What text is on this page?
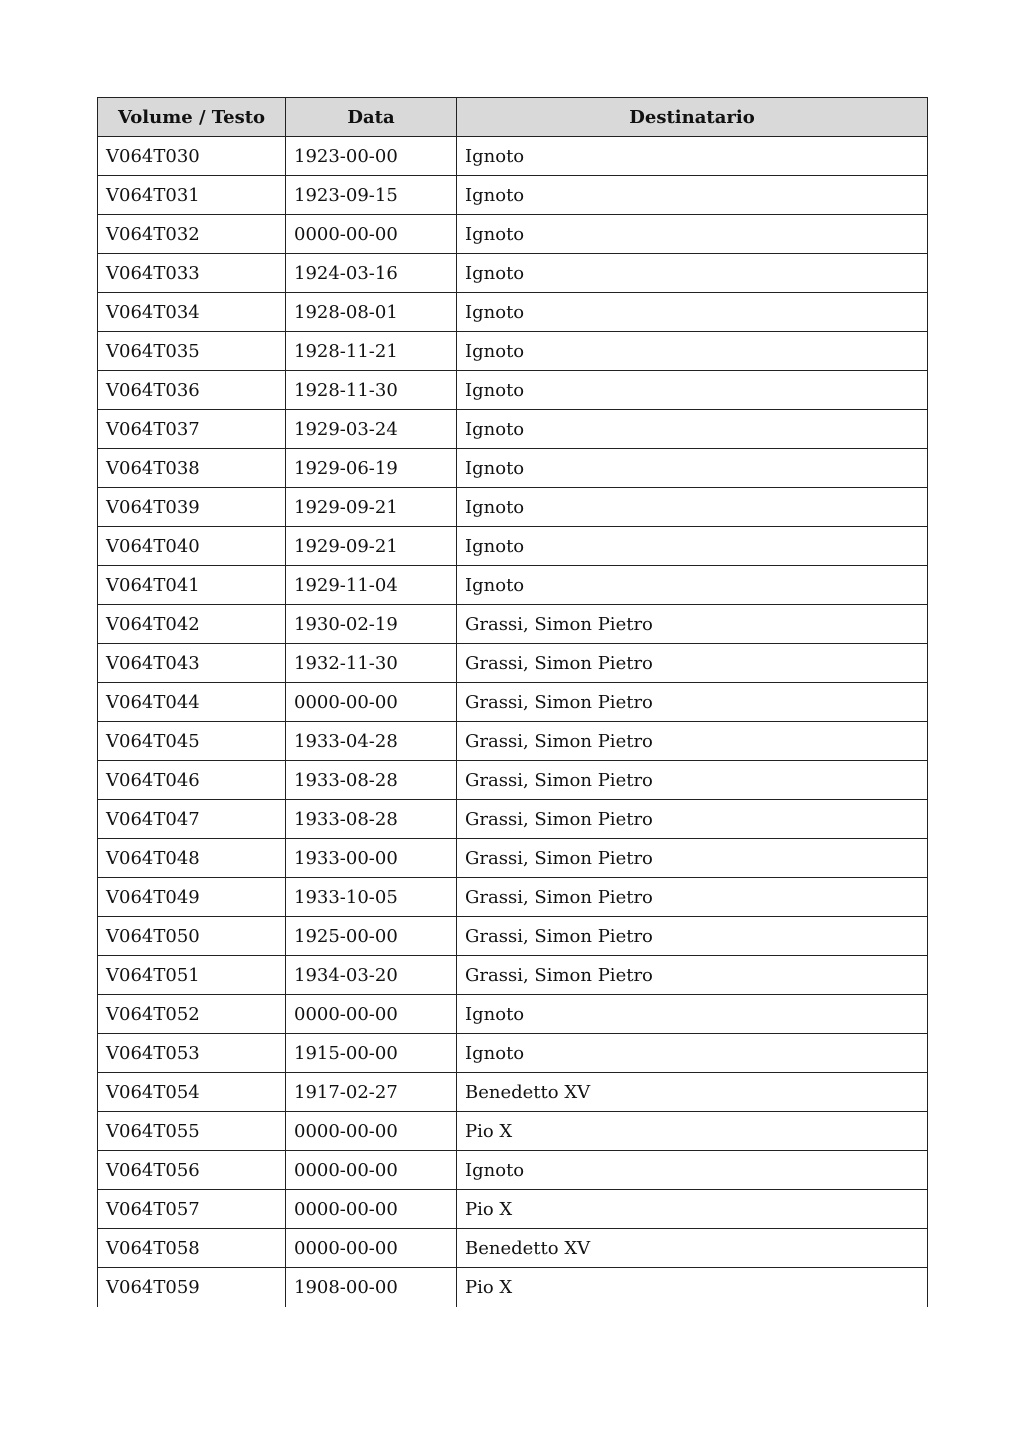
Volume / Testo	Data	Destinatario
V064T030	1923-00-00	Ignoto
V064T031	1923-09-15	Ignoto
V064T032	0000-00-00	Ignoto
V064T033	1924-03-16	Ignoto
V064T034	1928-08-01	Ignoto
V064T035	1928-11-21	Ignoto
V064T036	1928-11-30	Ignoto
V064T037	1929-03-24	Ignoto
V064T038	1929-06-19	Ignoto
V064T039	1929-09-21	Ignoto
V064T040	1929-09-21	Ignoto
V064T041	1929-11-04	Ignoto
V064T042	1930-02-19	Grassi, Simon Pietro
V064T043	1932-11-30	Grassi, Simon Pietro
V064T044	0000-00-00	Grassi, Simon Pietro
V064T045	1933-04-28	Grassi, Simon Pietro
V064T046	1933-08-28	Grassi, Simon Pietro
V064T047	1933-08-28	Grassi, Simon Pietro
V064T048	1933-00-00	Grassi, Simon Pietro
V064T049	1933-10-05	Grassi, Simon Pietro
V064T050	1925-00-00	Grassi, Simon Pietro
V064T051	1934-03-20	Grassi, Simon Pietro
V064T052	0000-00-00	Ignoto
V064T053	1915-00-00	Ignoto
V064T054	1917-02-27	Benedetto XV
V064T055	0000-00-00	Pio X
V064T056	0000-00-00	Ignoto
V064T057	0000-00-00	Pio X
V064T058	0000-00-00	Benedetto XV
V064T059	1908-00-00	Pio X
